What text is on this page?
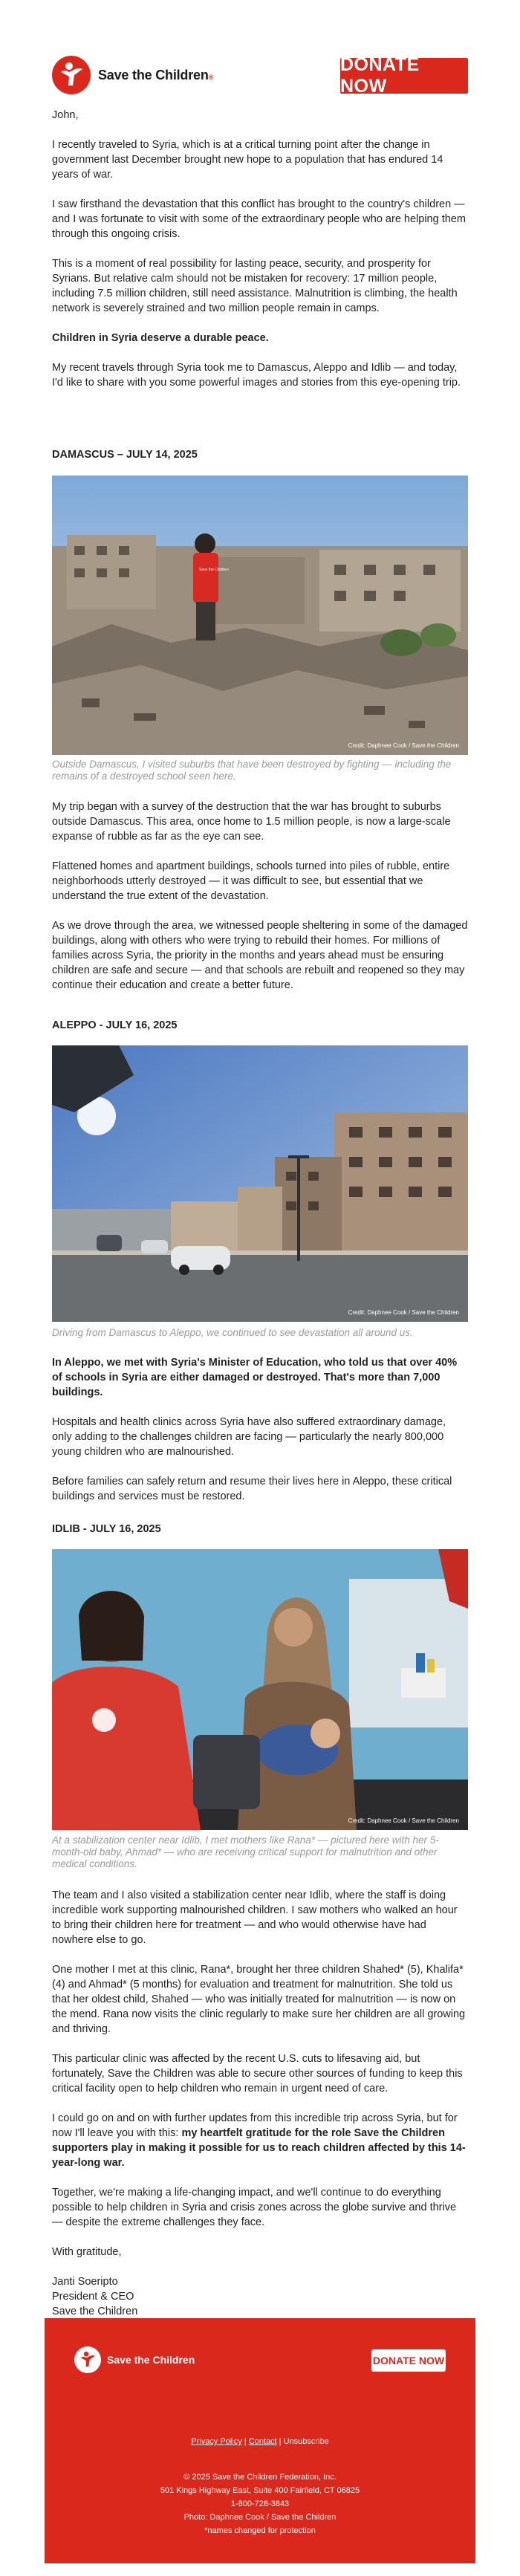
Save the Children®
DONATE NOW

John,

I recently traveled to Syria, which is at a critical turning point after the change in government last December brought new hope to a population that has endured 14 years of war.

I saw firsthand the devastation that this conflict has brought to the country's children — and I was fortunate to visit with some of the extraordinary people who are helping them through this ongoing crisis.

This is a moment of real possibility for lasting peace, security, and prosperity for Syrians. But relative calm should not be mistaken for recovery: 17 million people, including 7.5 million children, still need assistance. Malnutrition is climbing, the health network is severely strained and two million people remain in camps.

Children in Syria deserve a durable peace.

My recent travels through Syria took me to Damascus, Aleppo and Idlib — and today, I'd like to share with you some powerful images and stories from this eye-opening trip.

DAMASCUS – JULY 14, 2025
Save the Children
Credit: Daphnee Cook / Save the Children
Outside Damascus, I visited suburbs that have been destroyed by fighting — including the remains of a destroyed school seen here.

My trip began with a survey of the destruction that the war has brought to suburbs outside Damascus. This area, once home to 1.5 million people, is now a large-scale expanse of rubble as far as the eye can see.

Flattened homes and apartment buildings, schools turned into piles of rubble, entire neighborhoods utterly destroyed — it was difficult to see, but essential that we understand the true extent of the devastation.

As we drove through the area, we witnessed people sheltering in some of the damaged buildings, along with others who were trying to rebuild their homes. For millions of families across Syria, the priority in the months and years ahead must be ensuring children are safe and secure — and that schools are rebuilt and reopened so they may continue their education and create a better future.

ALEPPO - JULY 16, 2025
Credit: Daphnee Cook / Save the Children
Driving from Damascus to Aleppo, we continued to see devastation all around us.

In Aleppo, we met with Syria's Minister of Education, who told us that over 40% of schools in Syria are either damaged or destroyed. That's more than 7,000 buildings.

Hospitals and health clinics across Syria have also suffered extraordinary damage, only adding to the challenges children are facing — particularly the nearly 800,000 young children who are malnourished.

Before families can safely return and resume their lives here in Aleppo, these critical buildings and services must be restored.

IDLIB - JULY 16, 2025
Credit: Daphnee Cook / Save the Children
At a stabilization center near Idlib, I met mothers like Rana* — pictured here with her 5-month-old baby, Ahmad* — who are receiving critical support for malnutrition and other medical conditions.

The team and I also visited a stabilization center near Idlib, where the staff is doing incredible work supporting malnourished children. I saw mothers who walked an hour to bring their children here for treatment — and who would otherwise have had nowhere else to go.

One mother I met at this clinic, Rana*, brought her three children Shahed* (5), Khalifa* (4) and Ahmad* (5 months) for evaluation and treatment for malnutrition. She told us that her oldest child, Shahed — who was initially treated for malnutrition — is now on the mend. Rana now visits the clinic regularly to make sure her children are all growing and thriving.

This particular clinic was affected by the recent U.S. cuts to lifesaving aid, but fortunately, Save the Children was able to secure other sources of funding to keep this critical facility open to help children who remain in urgent need of care.

I could go on and on with further updates from this incredible trip across Syria, but for now I'll leave you with this: my heartfelt gratitude for the role Save the Children supporters play in making it possible for us to reach children affected by this 14-year-long war.

Together, we're making a life-changing impact, and we'll continue to do everything possible to help children in Syria and crisis zones across the globe survive and thrive — despite the extreme challenges they face.

With gratitude,

Janti Soeripto

President & CEO

Save the Children

Save the Children	DONATE NOW
Privacy Policy | Contact | Unsubscribe
© 2025 Save the Children Federation, Inc.
501 Kings Highway East, Suite 400 Fairfield, CT 06825
1-800-728-3843
Photo: Daphnee Cook / Save the Children
*names changed for protection
